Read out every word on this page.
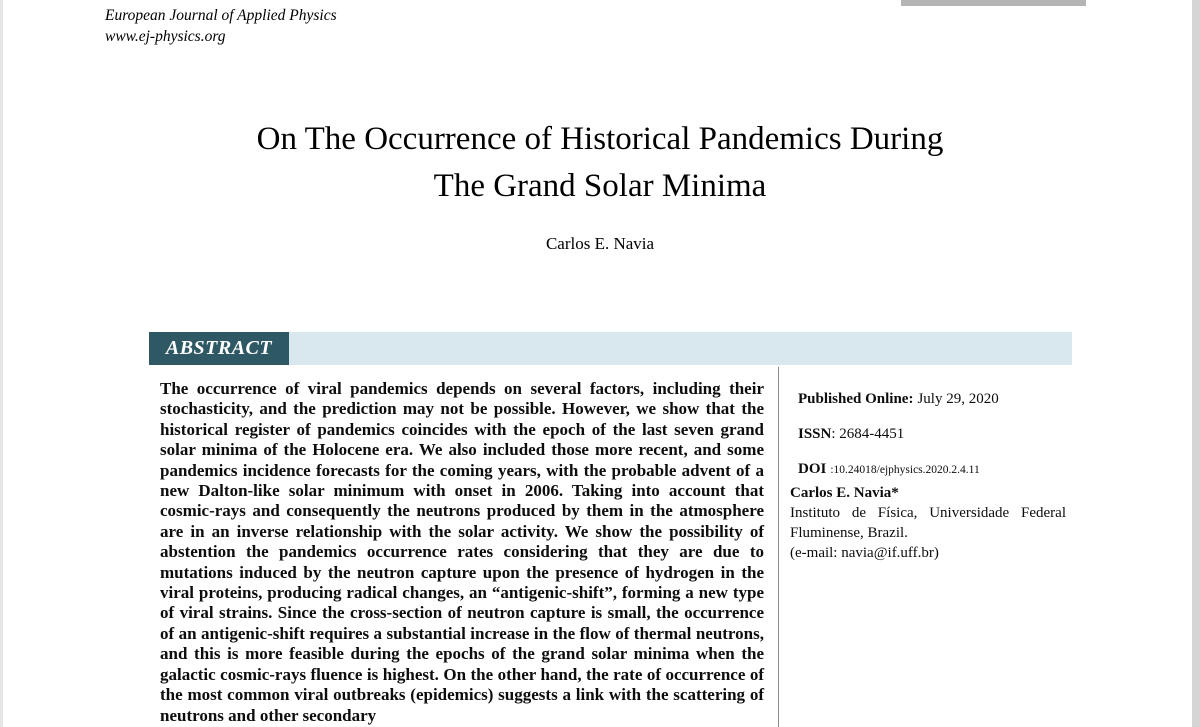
European Journal of Applied Physics
www.ej-physics.org
On The Occurrence of Historical Pandemics During
The Grand Solar Minima
Carlos E. Navia
ABSTRACT
The occurrence of viral pandemics depends on several factors, including their stochasticity, and the prediction may not be possible. However, we show that the historical register of pandemics coincides with the epoch of the last seven grand solar minima of the Holocene era. We also included those more recent, and some pandemics incidence forecasts for the coming years, with the probable advent of a new Dalton-like solar minimum with onset in 2006. Taking into account that cosmic-rays and consequently the neutrons produced by them in the atmosphere are in an inverse relationship with the solar activity. We show the possibility of abstention the pandemics occurrence rates considering that they are due to mutations induced by the neutron capture upon the presence of hydrogen in the viral proteins, producing radical changes, an “antigenic-shift”, forming a new type of viral strains. Since the cross-section of neutron capture is small, the occurrence of an antigenic-shift requires a substantial increase in the flow of thermal neutrons, and this is more feasible during the epochs of the grand solar minima when the galactic cosmic-rays fluence is highest. On the other hand, the rate of occurrence of the most common viral outbreaks (epidemics) suggests a link with the scattering of neutrons and other secondary
Published Online: July 29, 2020
ISSN: 2684-4451
DOI :10.24018/ejphysics.2020.2.4.11
Carlos E. Navia*
Instituto de Física, Universidade Federal
Fluminense, Brazil.
(e-mail: navia@if.uff.br)
